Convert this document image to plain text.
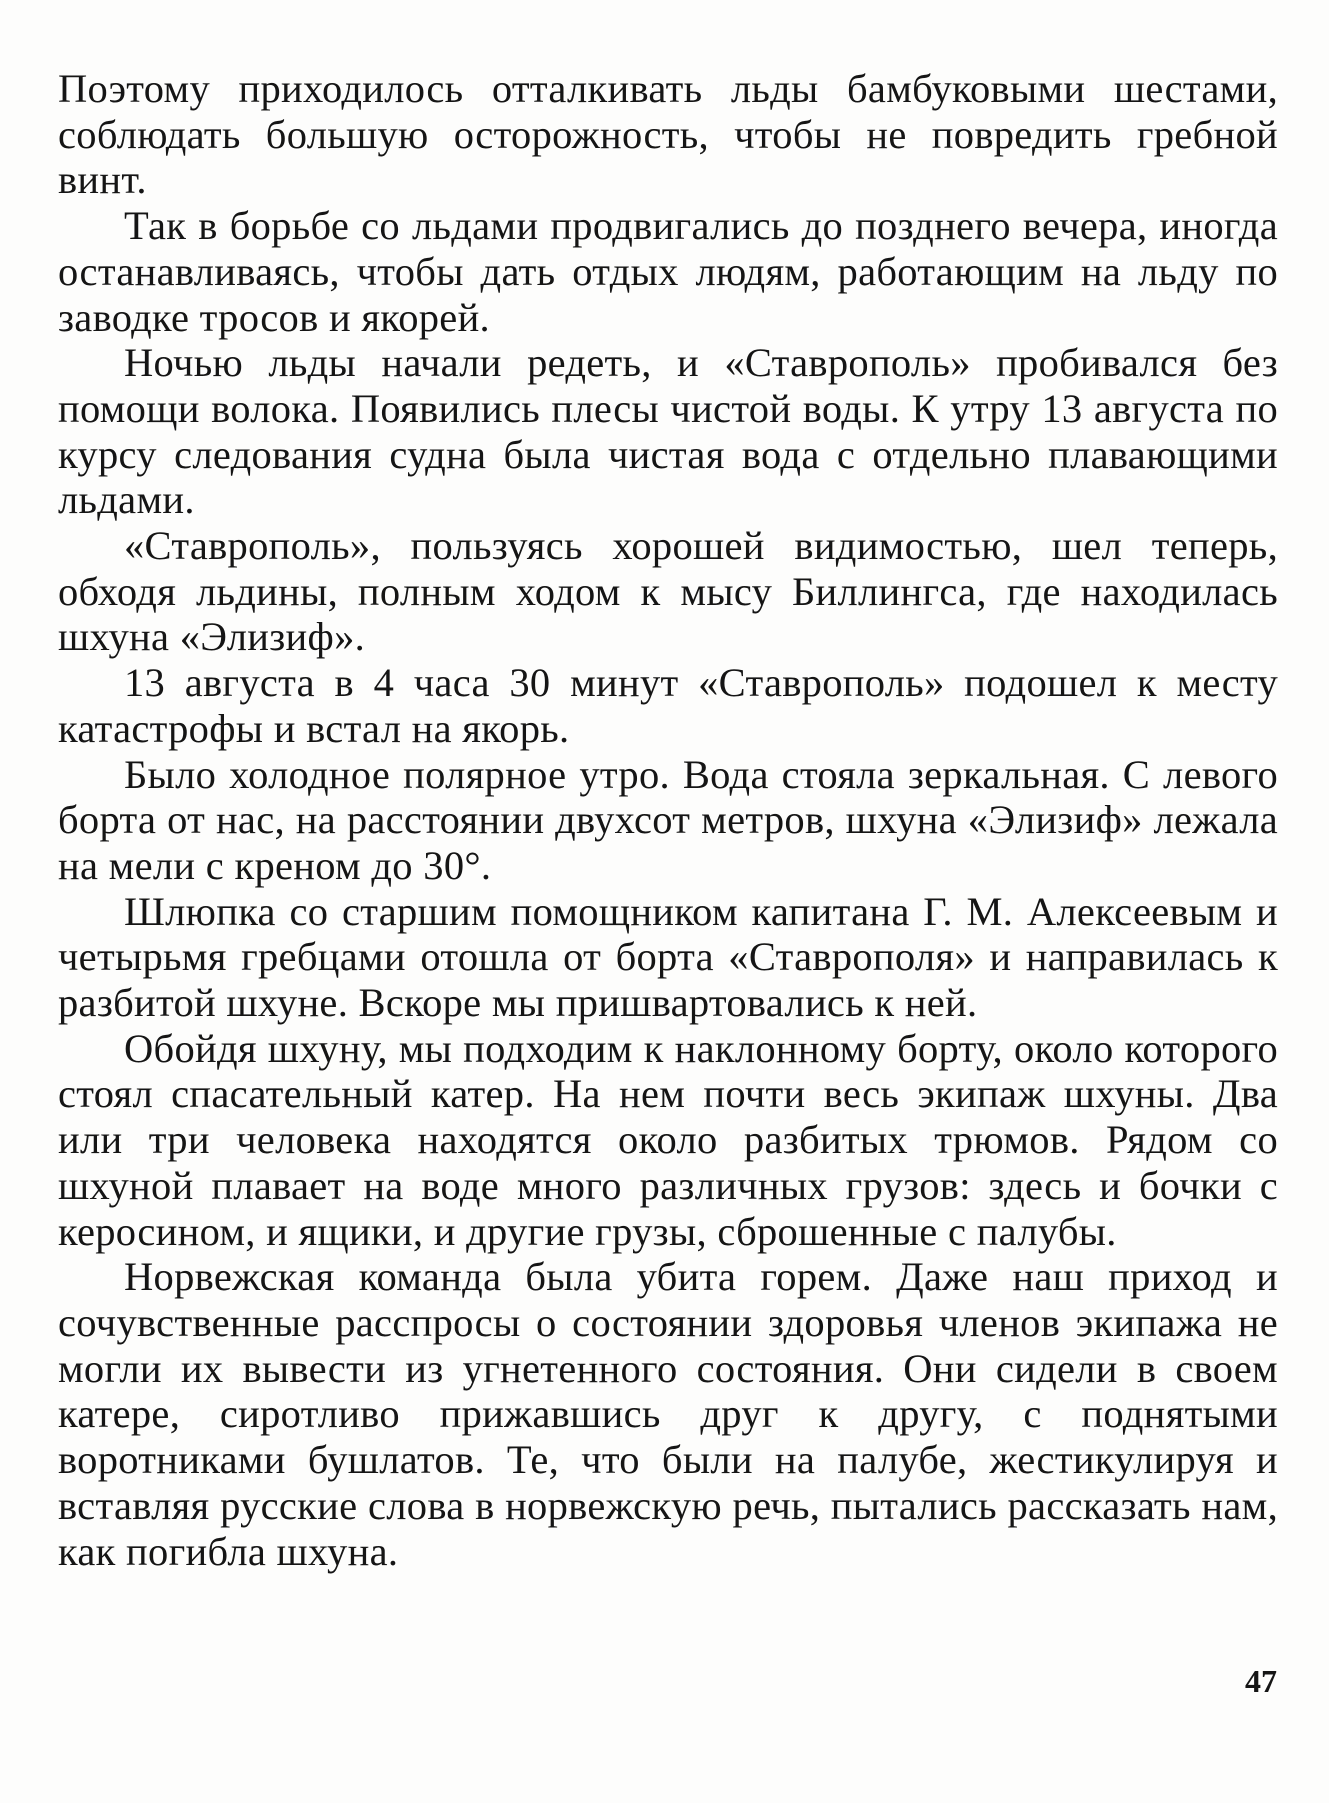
Поэтому приходилось отталкивать льды бамбуковыми шестами, соблюдать большую осторожность, чтобы не повредить гребной винт.

Так в борьбе со льдами продвигались до позднего вечера, иногда останавливаясь, чтобы дать отдых людям, работающим на льду по заводке тросов и якорей.

Ночью льды начали редеть, и «Ставрополь» пробивался без помощи волока. Появились плесы чистой воды. К утру 13 августа по курсу следования судна была чистая вода с отдельно плавающими льдами.

«Ставрополь», пользуясь хорошей видимостью, шел теперь, обходя льдины, полным ходом к мысу Биллингса, где находилась шхуна «Элизиф».

13 августа в 4 часа 30 минут «Ставрополь» подошел к месту катастрофы и встал на якорь.

Было холодное полярное утро. Вода стояла зеркальная. С левого борта от нас, на расстоянии двухсот метров, шхуна «Элизиф» лежала на мели с креном до 30°.

Шлюпка со старшим помощником капитана Г. М. Алексеевым и четырьмя гребцами отошла от борта «Ставрополя» и направилась к разбитой шхуне. Вскоре мы пришвартовались к ней.

Обойдя шхуну, мы подходим к наклонному борту, около которого стоял спасательный катер. На нем почти весь экипаж шхуны. Два или три человека находятся около разбитых трюмов. Рядом со шхуной плавает на воде много различных грузов: здесь и бочки с керосином, и ящики, и другие грузы, сброшенные с палубы.

Норвежская команда была убита горем. Даже наш приход и сочувственные расспросы о состоянии здоровья членов экипажа не могли их вывести из угнетенного состояния. Они сидели в своем катере, сиротливо прижавшись друг к другу, с поднятыми воротниками бушлатов. Те, что были на палубе, жестикулируя и вставляя русские слова в норвежскую речь, пытались рассказать нам, как погибла шхуна.

47
